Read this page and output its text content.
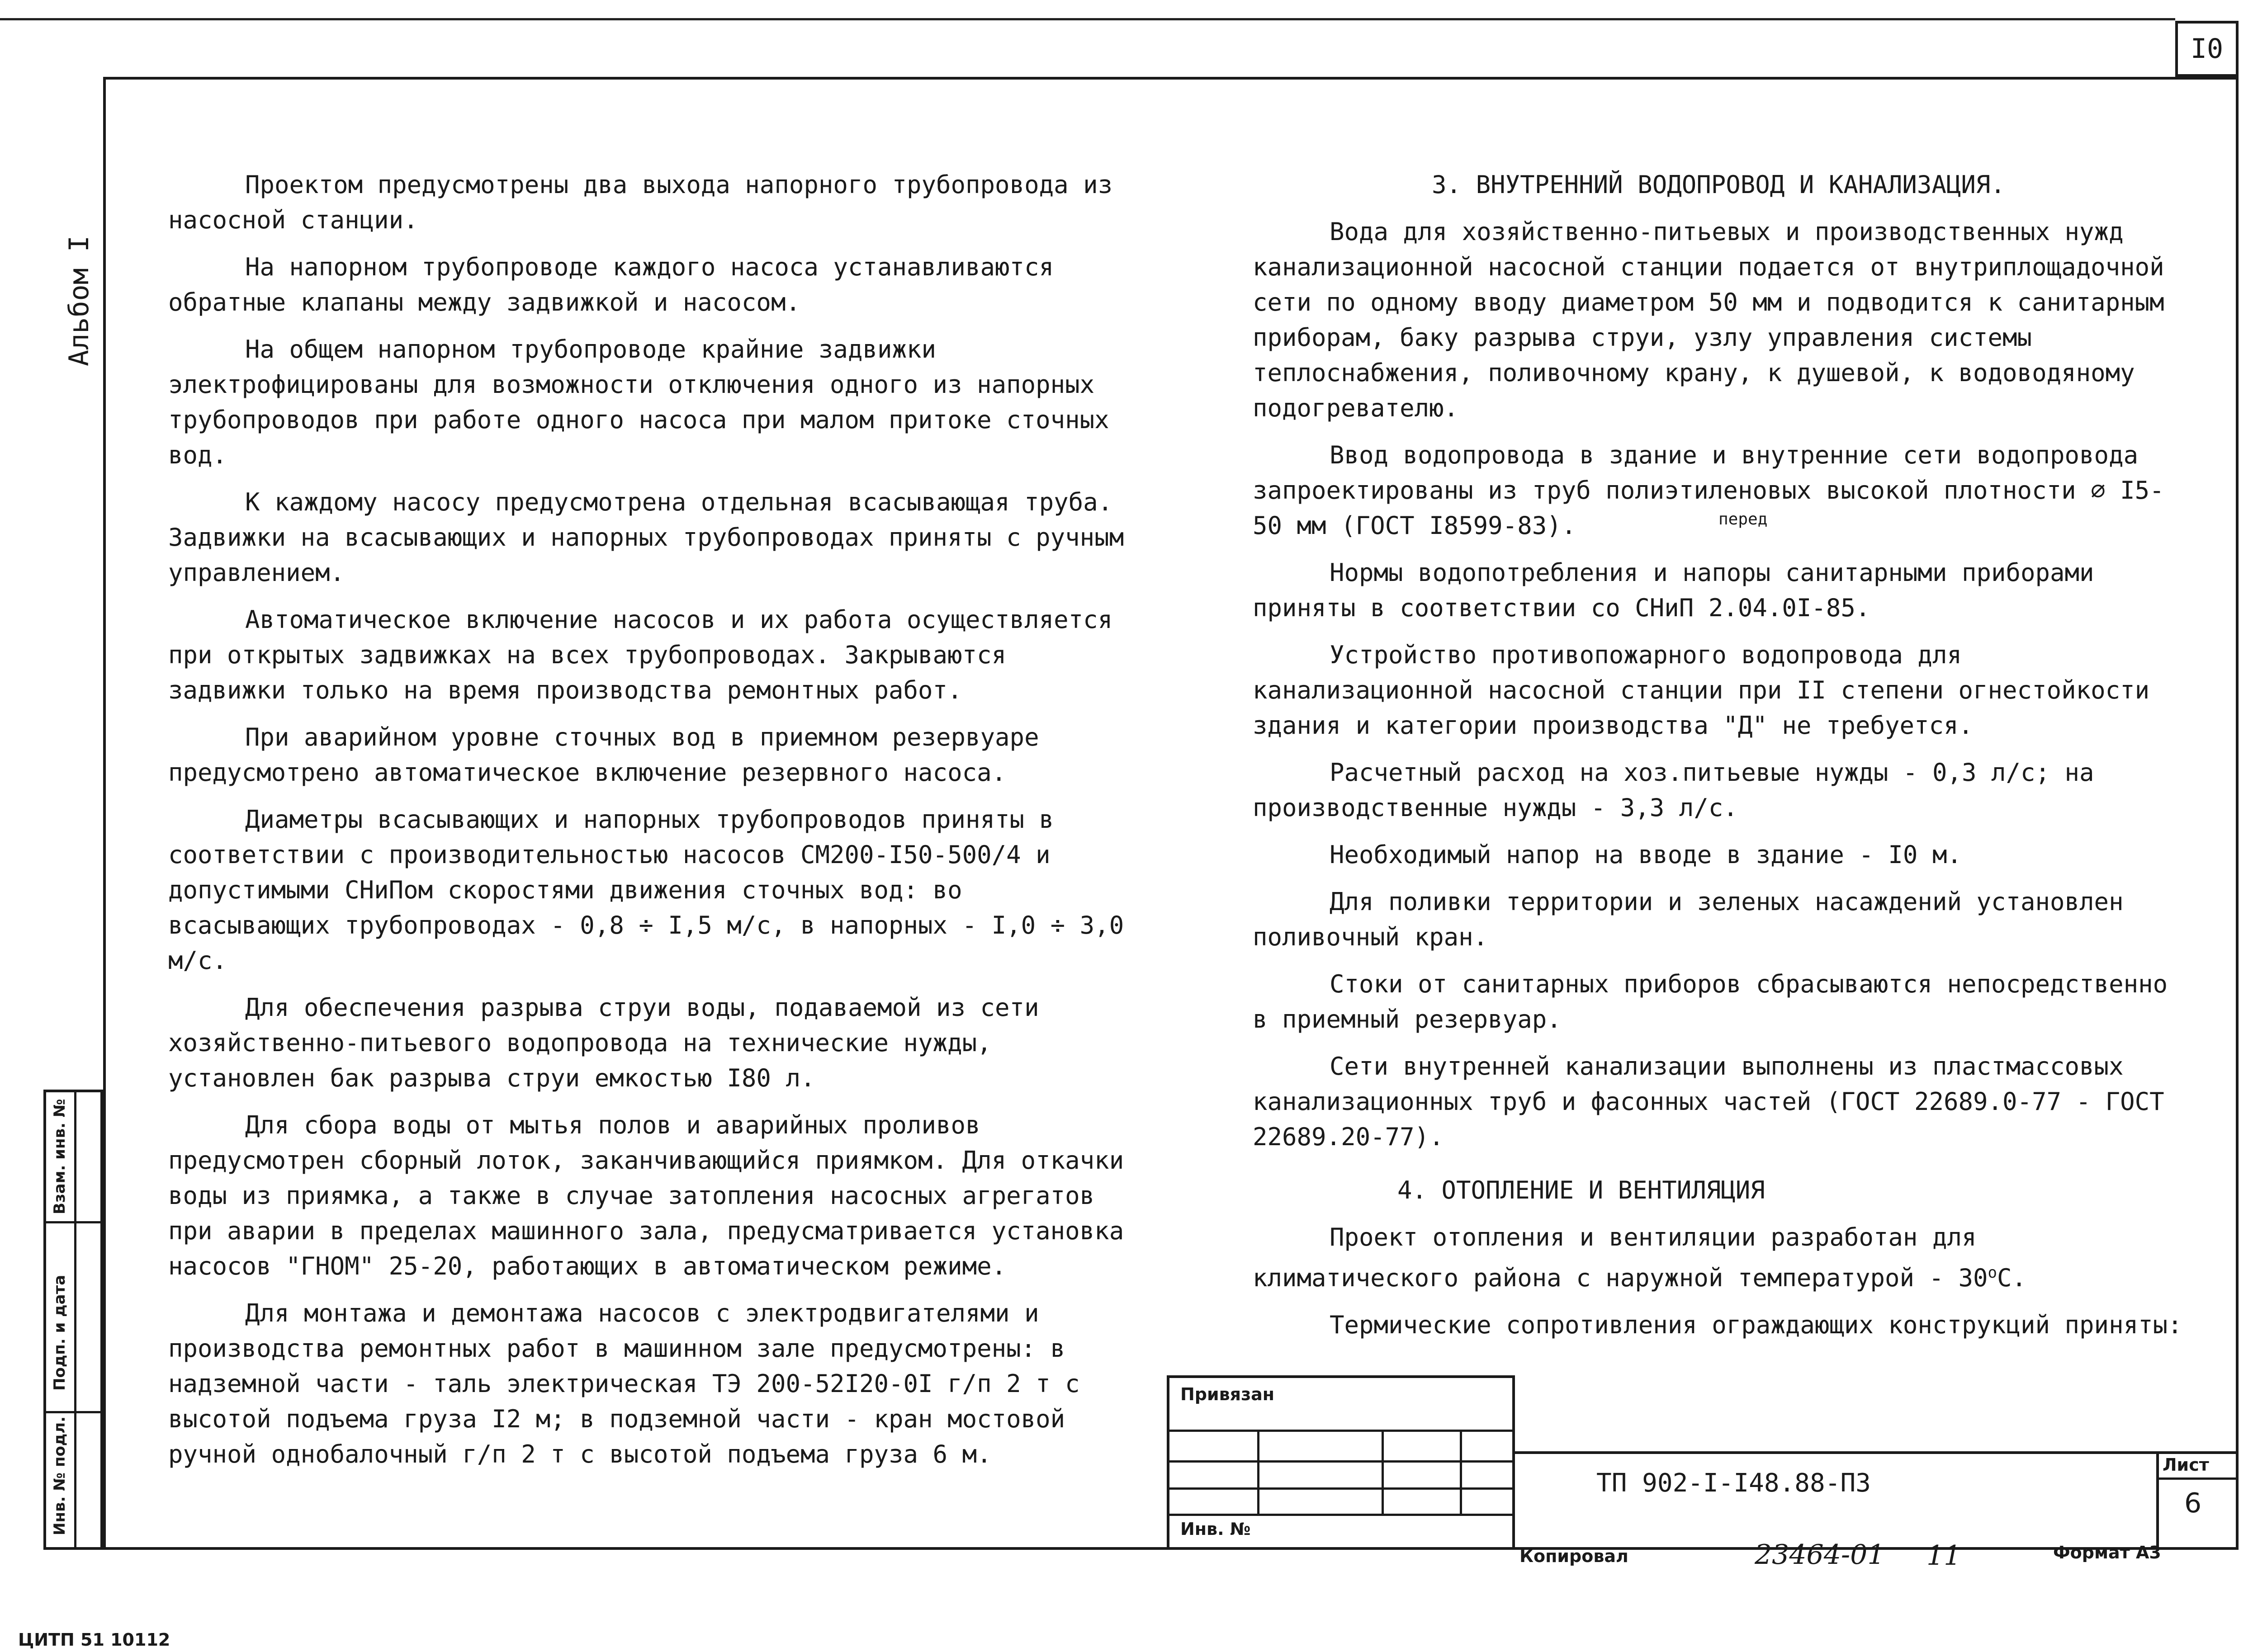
I0
Альбом I
Взам. инв. №
Подп. и дата
Инв. № подл.

Проектом предусмотрены два выхода напорного трубопровода из насосной станции.

На напорном трубопроводе каждого насоса устанавливаются обратные клапаны между задвижкой и насосом.

На общем напорном трубопроводе крайние задвижки электрофицированы для возможности отключения одного из напорных трубопроводов при работе одного насоса при малом притоке сточных вод.

К каждому насосу предусмотрена отдельная всасывающая труба. Задвижки на всасывающих и напорных трубопроводах приняты с ручным управлением.

Автоматическое включение насосов и их работа осуществляется при открытых задвижках на всех трубопроводах. Закрываются задвижки только на время производства ремонтных работ.

При аварийном уровне сточных вод в приемном резервуаре предусмотрено автоматическое включение резервного насоса.

Диаметры всасывающих и напорных трубопроводов приняты в соответствии с производительностью насосов СМ200-I50-500/4 и допустимыми СНиПом скоростями движения сточных вод: во всасывающих трубопроводах - 0,8 ÷ I,5 м/с, в напорных - I,0 ÷ 3,0 м/с.

Для обеспечения разрыва струи воды, подаваемой из сети хозяйственно-питьевого водопровода на технические нужды, установлен бак разрыва струи емкостью I80 л.

Для сбора воды от мытья полов и аварийных проливов предусмотрен сборный лоток, заканчивающийся приямком. Для откачки воды из приямка, а также в случае затопления насосных агрегатов при аварии в пределах машинного зала, предусматривается установка насосов "ГНОМ" 25-20, работающих в автоматическом режиме.

Для монтажа и демонтажа насосов с электродвигателями и производства ремонтных работ в машинном зале предусмотрены: в надземной части - таль электрическая ТЭ 200-52I20-0I г/п 2 т с высотой подъема груза I2 м; в подземной части - кран мостовой ручной однобалочный г/п 2 т с высотой подъема груза 6 м.

3. ВНУТРЕННИЙ ВОДОПРОВОД И КАНАЛИЗАЦИЯ.

Вода для хозяйственно-питьевых и производственных нужд канализационной насосной станции подается от внутриплощадочной сети по одному вводу диаметром 50 мм и подводится к санитарным приборам, баку разрыва струи, узлу управления системы теплоснабжения, поливочному крану, к душевой, к водоводяному подогревателю.

Ввод водопровода в здание и внутренние сети водопровода запроектированы из труб полиэтиленовых высокой плотности ∅ I5-50 мм (ГОСТ I8599-83).

Нормы водопотребления и напоры санитарными приборами приняты в соответствии со СНиП 2.04.0I-85.

Устройство противопожарного водопровода для канализационной насосной станции при II степени огнестойкости здания и категории производства "Д" не требуется.

Расчетный расход на хоз.питьевые нужды - 0,3 л/с; на производственные нужды - 3,3 л/с.

Необходимый напор на вводе в здание - I0 м.

Для поливки территории и зеленых насаждений установлен поливочный кран.

Стоки от санитарных приборов сбрасываются непосредственно в приемный резервуар.

Сети внутренней канализации выполнены из пластмассовых канализационных труб и фасонных частей (ГОСТ 22689.0-77 - ГОСТ 22689.20-77).

4. ОТОПЛЕНИЕ И ВЕНТИЛЯЦИЯ

Проект отопления и вентиляции разработан для климатического района с наружной температурой - $30^оС$.

Термические сопротивления ограждающих конструкций приняты:

перед
Привязан
Инв. №
ТП 902-I-I48.88-ПЗ
Лист
6
Копировал	23464-01 11	Формат А3
ЦИТП 51 10112
